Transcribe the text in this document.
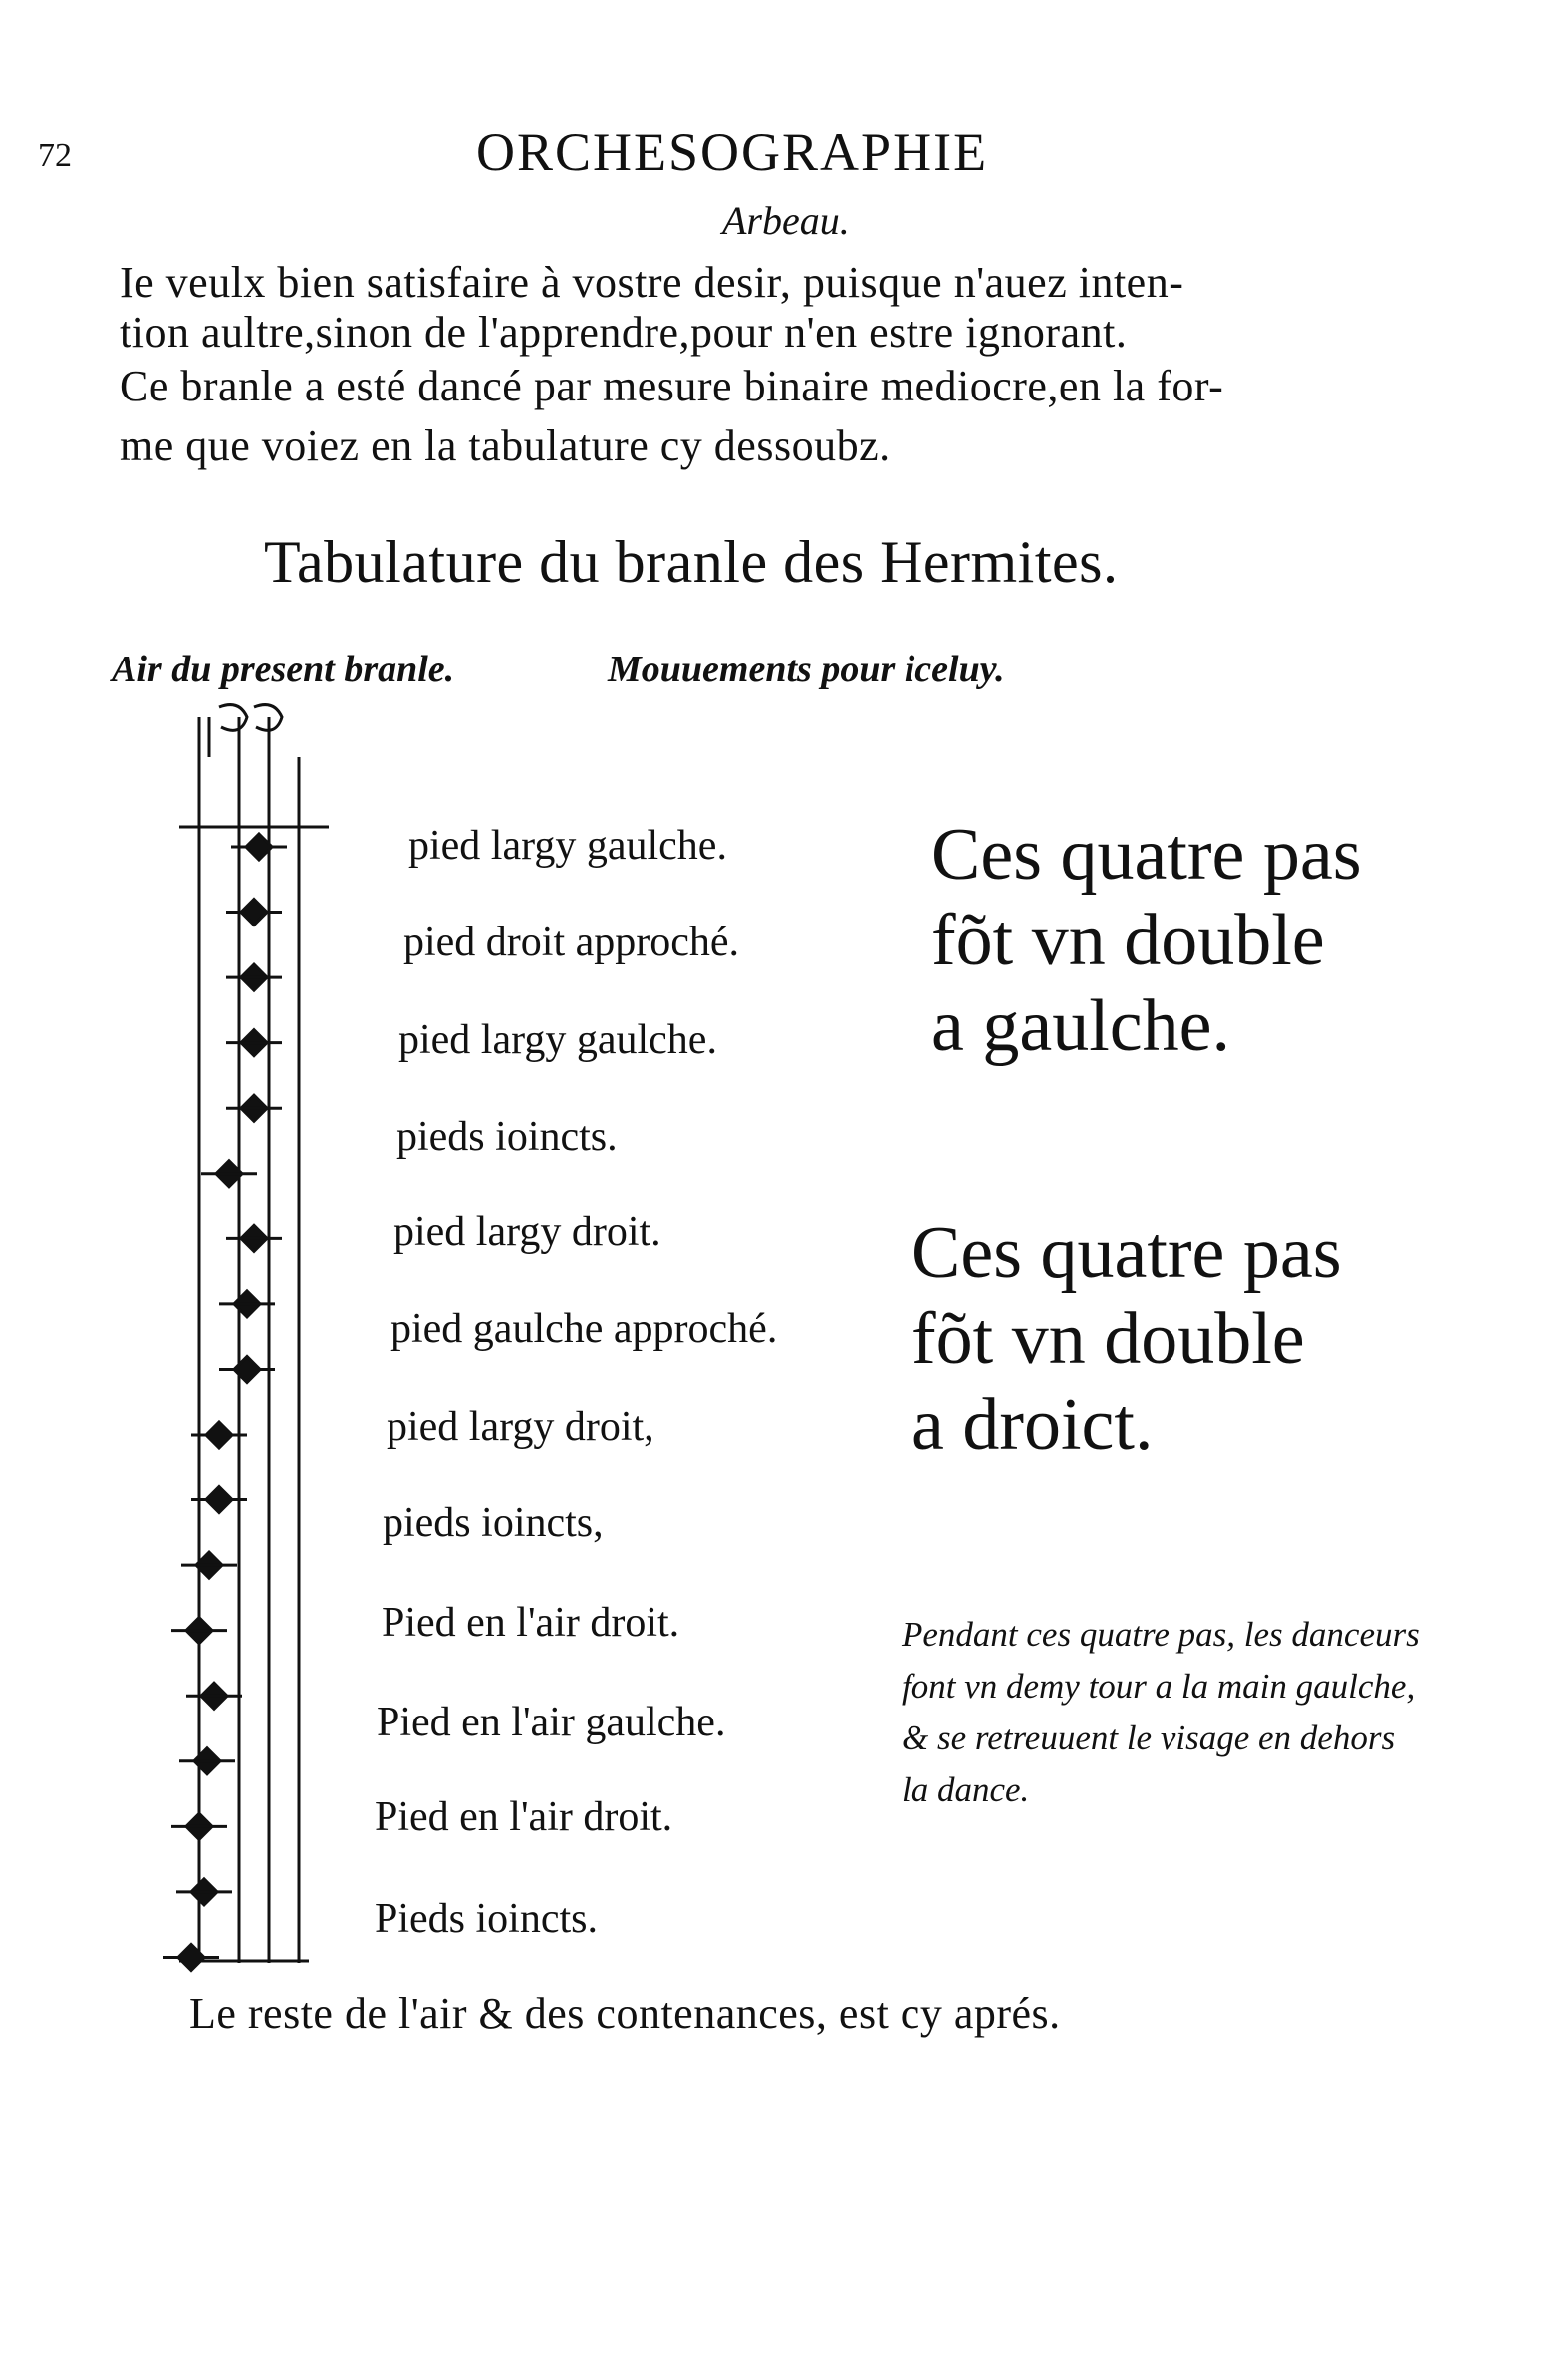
72	ORCHESOGRAPHIE
Arbeau.
Ie veulx bien satisfaire à vostre desir, puisque n'auez inten-
tion aultre,sinon de l'apprendre,pour n'en estre ignorant.
Ce branle a esté dancé par mesure binaire mediocre,en la for-
me que voiez en la tabulature cy dessoubz.
Tabulature du branle des Hermites.
Air du present branle.	Mouuements pour iceluy.
pied largy gaulche.
pied droit approché.
pied largy gaulche.
pieds ioincts.
pied largy droit.
pied gaulche approché.
pied largy droit,
pieds ioincts,
Pied en l'air droit.
Pied en l'air gaulche.
Pied en l'air droit.
Pieds ioincts.
Ces quatre pas
fõt vn double
a gaulche.
Ces quatre pas
fõt vn double
a droict.
Pendant ces quatre pas, les danceurs font vn demy tour a la main gaulche, & se retreuuent le visage en dehors la dance.
Le reste de l'air & des contenances, est cy aprés.
